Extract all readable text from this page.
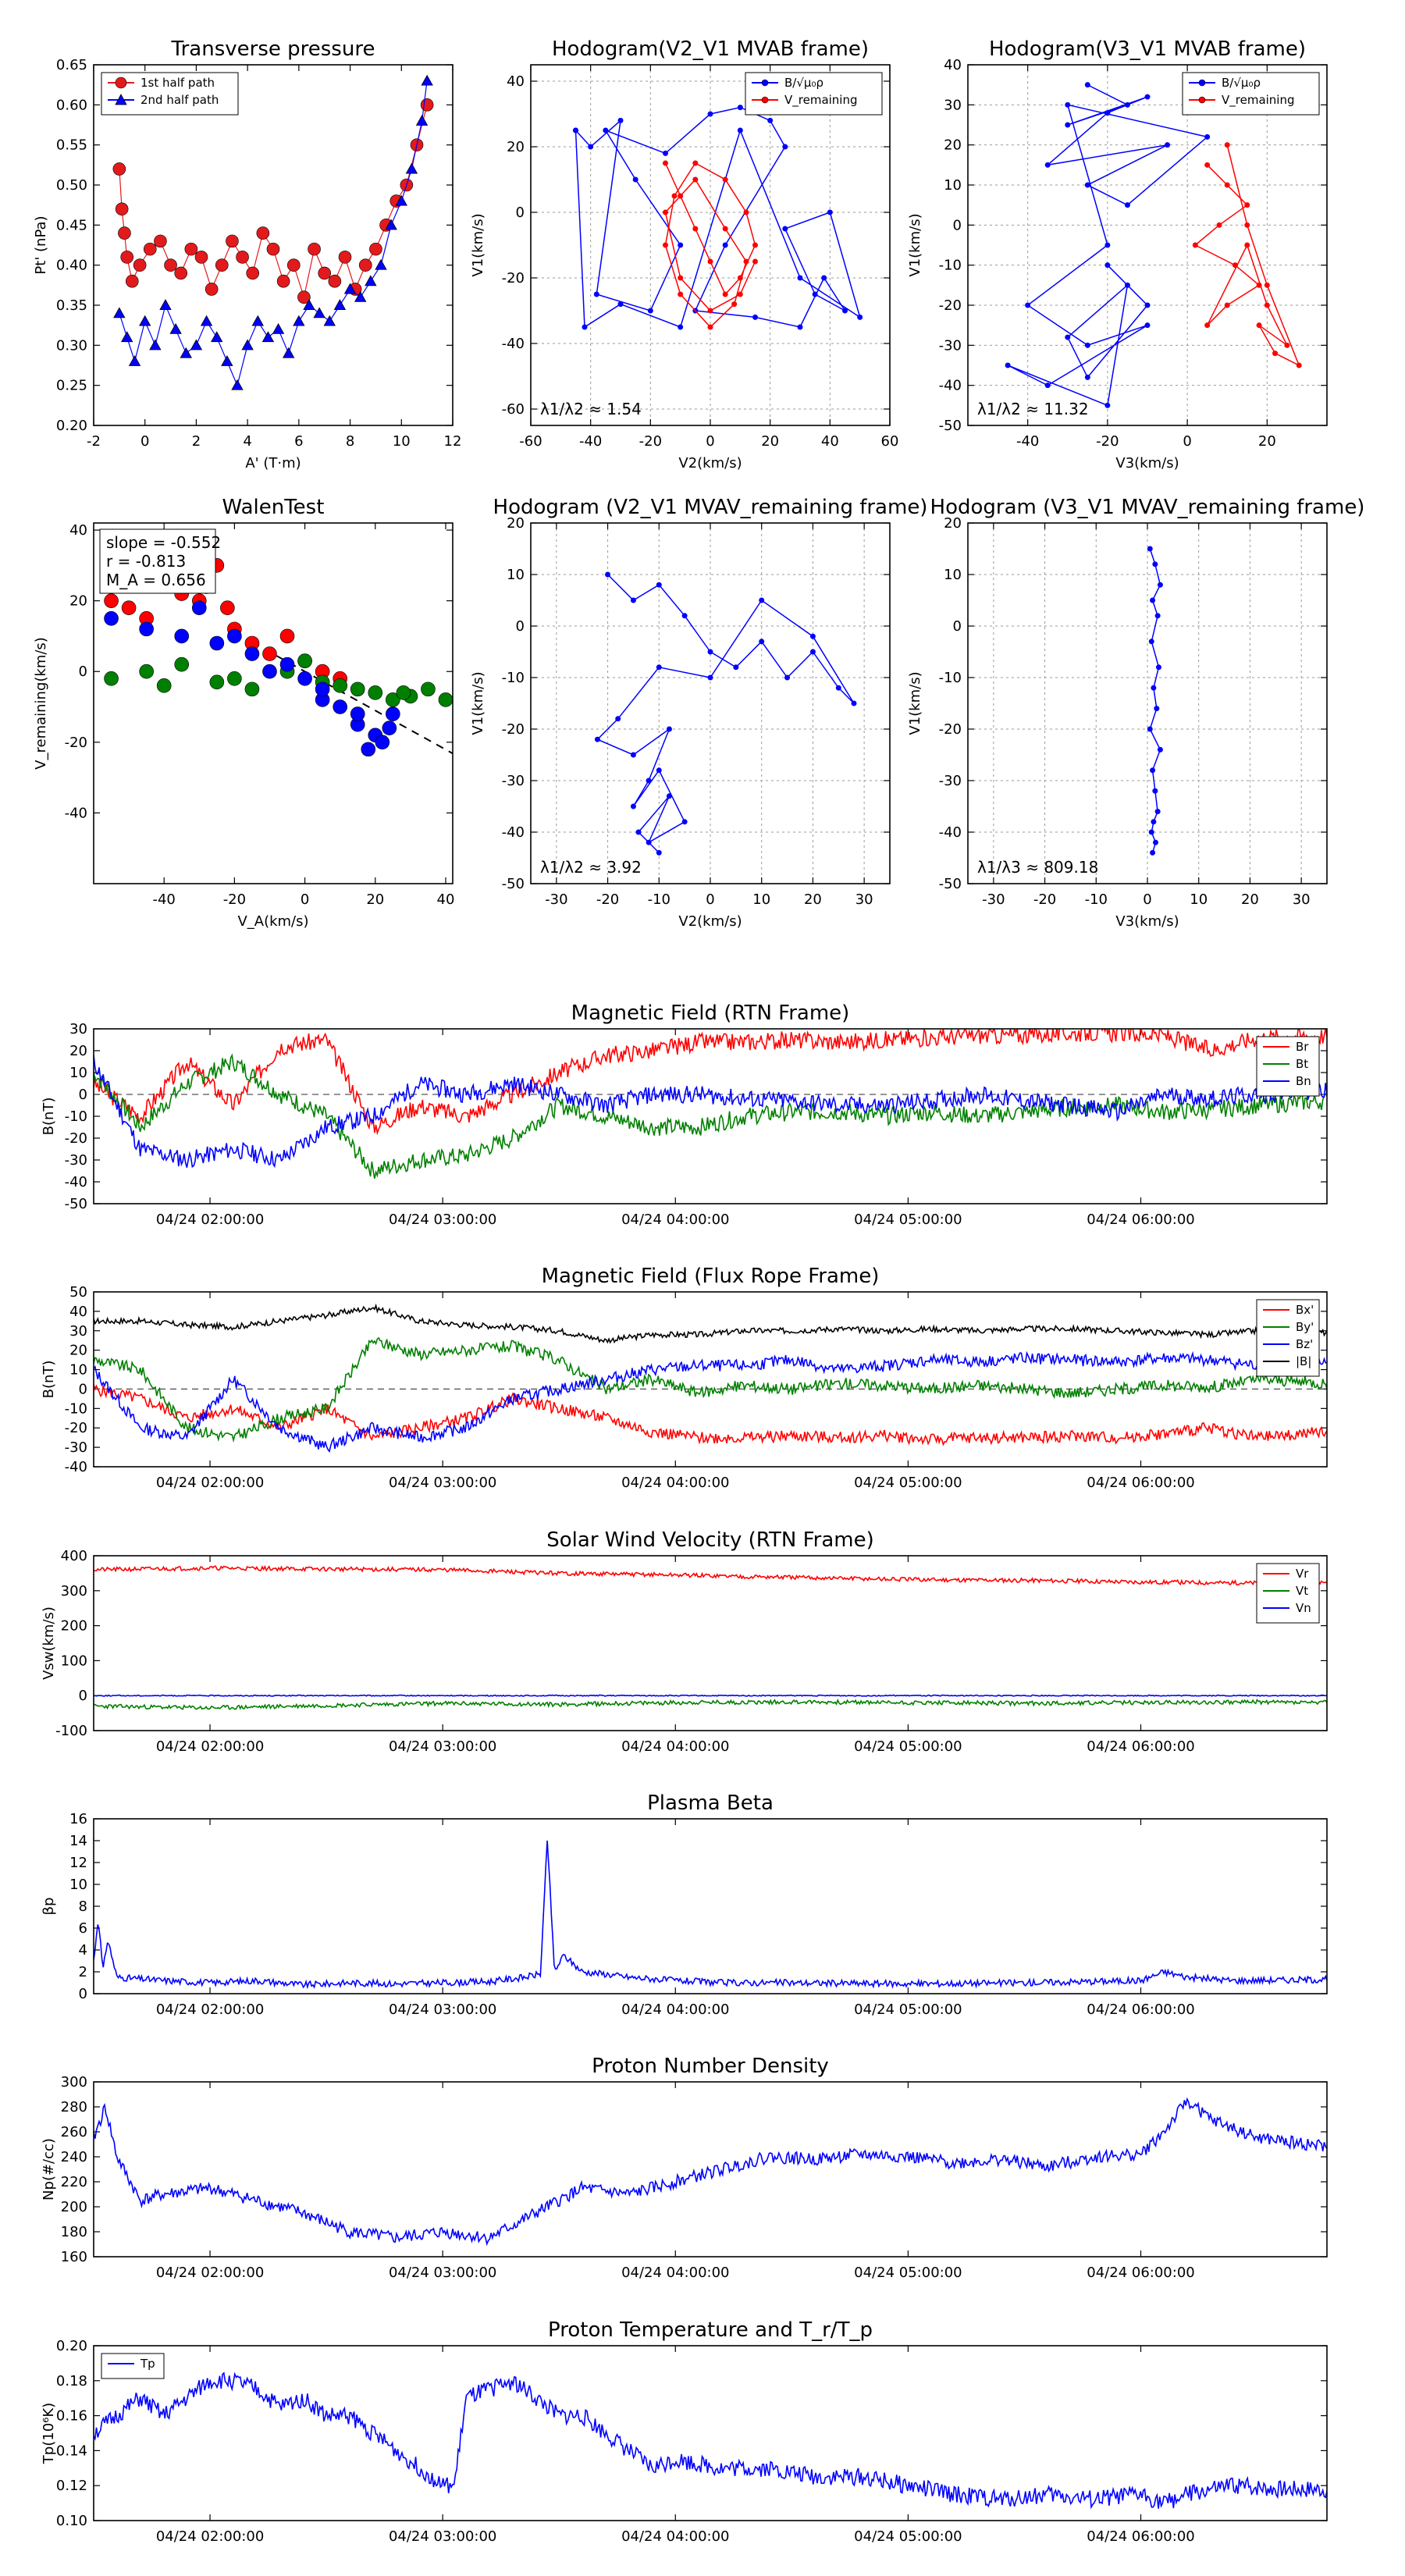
Transverse pressure
0.20
0.25
0.30
0.35
0.40
0.45
0.50
0.55
0.60
0.65
-2	0	2	4	6	8	10 12
A' (T·m)
Pt' (nPa)
1st half path
2nd half path
Hodogram(V2_V1 MVAB frame)
-60
-40
-20
0
20
40
-60	-40	-20	0	20	40	60
V2(km/s)
V1(km/s)
B/√μ₀ρ
V_remaining
λ1/λ2 ≈ 1.54
Hodogram(V3_V1 MVAB frame)
-50
-40
-30
-20
-10
0
10
20
30
40
-40	-20	0	20
V3(km/s)
V1(km/s)
B/√μ₀ρ
V_remaining
λ1/λ2 ≈ 11.32
WalenTest
-40
-20
0
20
40
-40	-20	0	20	40
V_A(km/s)
V_remaining(km/s)
slope = -0.552
r = -0.813
M_A = 0.656
Hodogram (V2_V1 MVAV_remaining frame)
-50
-40
-30
-20
-10
0
10
20
-30 -20 -10	0	10 20 30
V2(km/s)
V1(km/s)
λ1/λ2 ≈ 3.92
Hodogram (V3_V1 MVAV_remaining frame)
-50
-40
-30
-20
-10
0
10
20
-30 -20 -10	0	10 20 30
V3(km/s)
V1(km/s)
λ1/λ3 ≈ 809.18
Magnetic Field (RTN Frame)
-50
-40
-30
-20
-10
0
10
20
30
04/24 02:00:00	04/24 03:00:00	04/24 04:00:00	04/24 05:00:00	04/24 06:00:00
B(nT)
Br
Bt
Bn
Magnetic Field (Flux Rope Frame)
-40
-30
-20
-10
0
10
20
30
40
50
04/24 02:00:00	04/24 03:00:00	04/24 04:00:00	04/24 05:00:00	04/24 06:00:00
B(nT)
Bx'
By'
Bz'
|B|
Solar Wind Velocity (RTN Frame)
-100
0
100
200
300
400
04/24 02:00:00	04/24 03:00:00	04/24 04:00:00	04/24 05:00:00	04/24 06:00:00
Vsw(km/s)
Vr
Vt
Vn
Plasma Beta
0
2
4
6
8
10
12
14
16
04/24 02:00:00	04/24 03:00:00	04/24 04:00:00	04/24 05:00:00	04/24 06:00:00
βp
Proton Number Density
160
180
200
220
240
260
280
300
04/24 02:00:00	04/24 03:00:00	04/24 04:00:00	04/24 05:00:00	04/24 06:00:00
Np(#/cc)
Proton Temperature and T_r/T_p
0.10
0.12
0.14
0.16
0.18
0.20
04/24 02:00:00	04/24 03:00:00	04/24 04:00:00	04/24 05:00:00	04/24 06:00:00
Tp(10⁶K)
Tp
